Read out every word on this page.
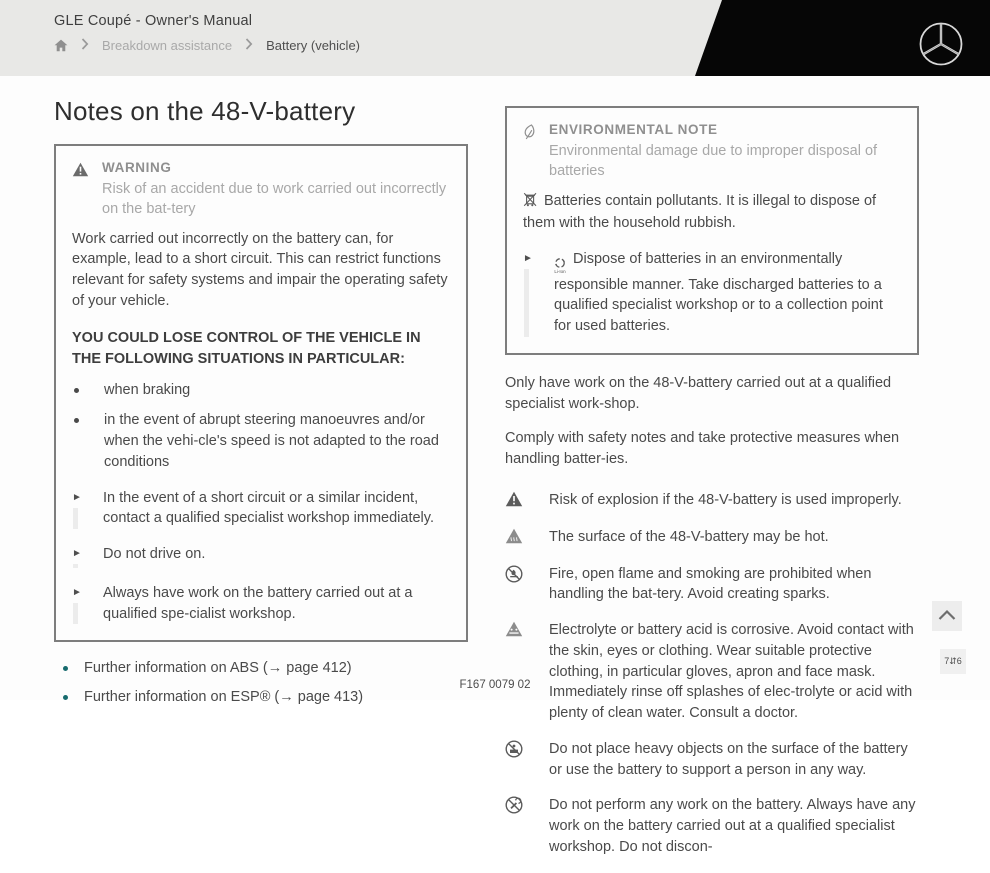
GLE Coupé - Owner's Manual
Breakdown assistance	Battery (vehicle)
Notes on the 48-V-battery
WARNING
Risk of an accident due to work carried out incorrectly on the bat-tery

Work carried out incorrectly on the battery can, for example, lead to a short circuit. This can restrict functions relevant for safety systems and impair the operating safety of your vehicle.

YOU COULD LOSE CONTROL OF THE VEHICLE IN THE FOLLOWING SITUATIONS IN PARTICULAR:

when braking
in the event of abrupt steering manoeuvres and/or when the vehi-cle's speed is not adapted to the road conditions
► In the event of a short circuit or a similar incident, contact a qualified specialist workshop immediately.
► Do not drive on.
► Always have work on the battery carried out at a qualified spe-cialist workshop.
Further information on ABS (→ page 412)
Further information on ESP® (→ page 413)
ENVIRONMENTAL NOTE
Environmental damage due to improper disposal of batteries

Batteries contain pollutants. It is illegal to dispose of them with the household rubbish.

►
Li-Ion
Dispose of batteries in an environmentally responsible manner. Take discharged batteries to a qualified specialist workshop or to a collection point for used batteries.

Only have work on the 48-V-battery carried out at a qualified specialist work-shop.

Comply with safety notes and take protective measures when handling batter-ies.

Risk of explosion if the 48-V-battery is used improperly.
The surface of the 48-V-battery may be hot.
Fire, open flame and smoking are prohibited when handling the bat-tery. Avoid creating sparks.
Electrolyte or battery acid is corrosive. Avoid contact with the skin, eyes or clothing. Wear suitable protective clothing, in particular gloves, apron and face mask. Immediately rinse off splashes of elec-trolyte or acid with plenty of clean water. Consult a doctor.
Do not place heavy objects on the surface of the battery or use the battery to support a person in any way.
Do not perform any work on the battery. Always have any work on the battery carried out at a qualified specialist workshop. Do not discon-
F167 0079 02
7⇵6
